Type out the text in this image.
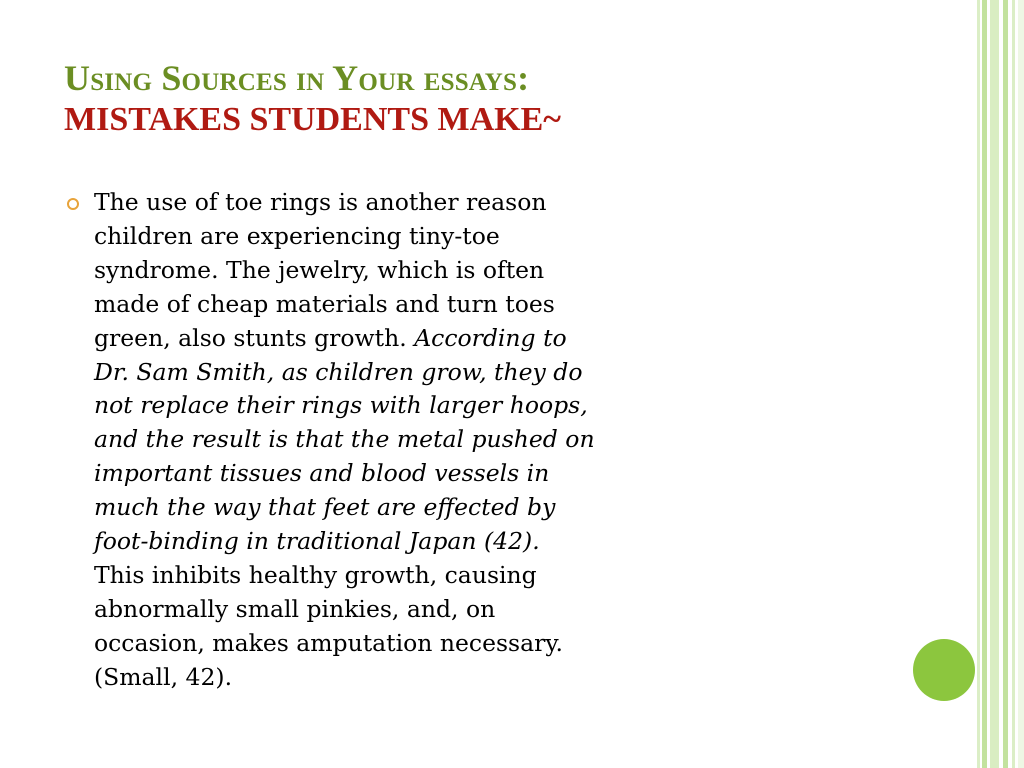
Using Sources in Your essays:
MISTAKES STUDENTS MAKE~
The use of toe rings is another reason
children are experiencing tiny-toe
syndrome. The jewelry, which is often
made of cheap materials and turn toes
green, also stunts growth. According to
Dr. Sam Smith, as children grow, they do
not replace their rings with larger hoops,
and the result is that the metal pushed on
important tissues and blood vessels in
much the way that feet are effected by
foot-binding in traditional Japan (42).
This inhibits healthy growth, causing
abnormally small pinkies, and, on
occasion, makes amputation necessary.
(Small, 42).
